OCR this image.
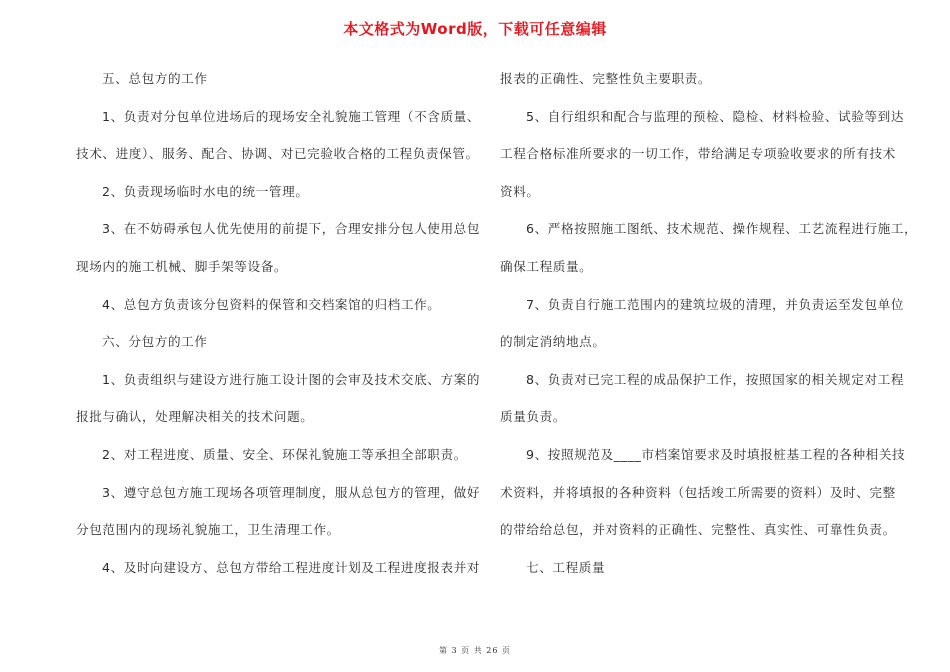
本文格式为Word版，下载可任意编辑
五、总包方的工作
1、负责对分包单位进场后的现场安全礼貌施工管理（不含质量、
技术、进度）、服务、配合、协调、对已完验收合格的工程负责保管。
2、负责现场临时水电的统一管理。
3、在不妨碍承包人优先使用的前提下，合理安排分包人使用总包
现场内的施工机械、脚手架等设备。
4、总包方负责该分包资料的保管和交档案馆的归档工作。
六、分包方的工作
1、负责组织与建设方进行施工设计图的会审及技术交底、方案的
报批与确认，处理解决相关的技术问题。
2、对工程进度、质量、安全、环保礼貌施工等承担全部职责。
3、遵守总包方施工现场各项管理制度，服从总包方的管理，做好
分包范围内的现场礼貌施工，卫生清理工作。
4、及时向建设方、总包方带给工程进度计划及工程进度报表并对
报表的正确性、完整性负主要职责。
5、自行组织和配合与监理的预检、隐检、材料检验、试验等到达
工程合格标准所要求的一切工作，带给满足专项验收要求的所有技术
资料。
6、严格按照施工图纸、技术规范、操作规程、工艺流程进行施工，
确保工程质量。
7、负责自行施工范围内的建筑垃圾的清理，并负责运至发包单位
的制定消纳地点。
8、负责对已完工程的成品保护工作，按照国家的相关规定对工程
质量负责。
9、按照规范及____市档案馆要求及时填报桩基工程的各种相关技
术资料，并将填报的各种资料（包括竣工所需要的资料）及时、完整
的带给给总包，并对资料的正确性、完整性、真实性、可靠性负责。
七、工程质量
第 3 页 共 26 页
